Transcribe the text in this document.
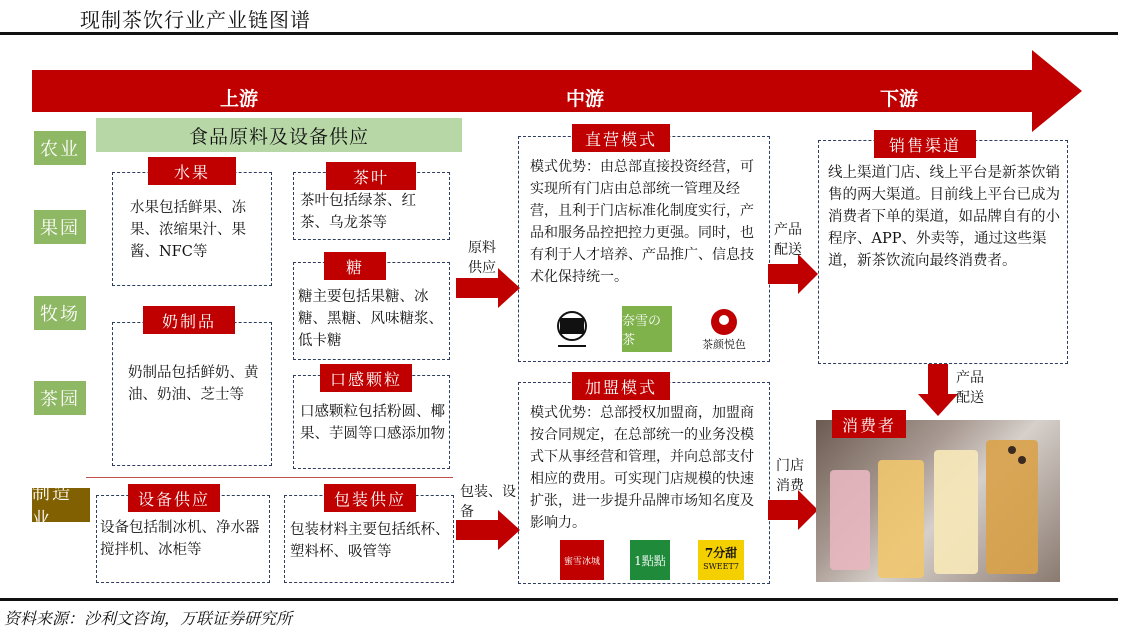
现制茶饮行业产业链图谱
上游	中游	下游
农业
果园
牧场
茶园
制造业
食品原料及设备供应
水果
水果包括鲜果、冻果、浓缩果汁、果酱、NFC等
茶叶
茶叶包括绿茶、红茶、乌龙茶等
糖
糖主要包括果糖、冰糖、黑糖、风味糖浆、低卡糖
奶制品
奶制品包括鲜奶、黄油、奶油、芝士等
口感颗粒
口感颗粒包括粉圆、椰果、芋圆等口感添加物
设备供应
设备包括制冰机、净水器搅拌机、冰柜等
包装供应
包装材料主要包括纸杯、塑料杯、吸管等
原料供应
包装、设备
直营模式
模式优势：由总部直接投资经营，可实现所有门店由总部统一管理及经营，且利于门店标准化制度实行，产品和服务品控把控力更强。同时，也有利于人才培养、产品推广、信息技术化保持统一。
奈雪の茶	茶颜悦色
加盟模式
模式优势：总部授权加盟商，加盟商按合同规定，在总部统一的业务没模式下从事经营和管理，并向总部支付相应的费用。可实现门店规模的快速扩张，进一步提升品牌市场知名度及影响力。
蜜雪冰城	1點點
7分甜
SWEET7
产品配送
门店消费
销售渠道
线上渠道门店、线上平台是新茶饮销售的两大渠道。目前线上平台已成为消费者下单的渠道，如品牌自有的小程序、APP、外卖等，通过这些渠道，新茶饮流向最终消费者。
产品配送
消费者
资料来源：沙利文咨询，万联证券研究所
